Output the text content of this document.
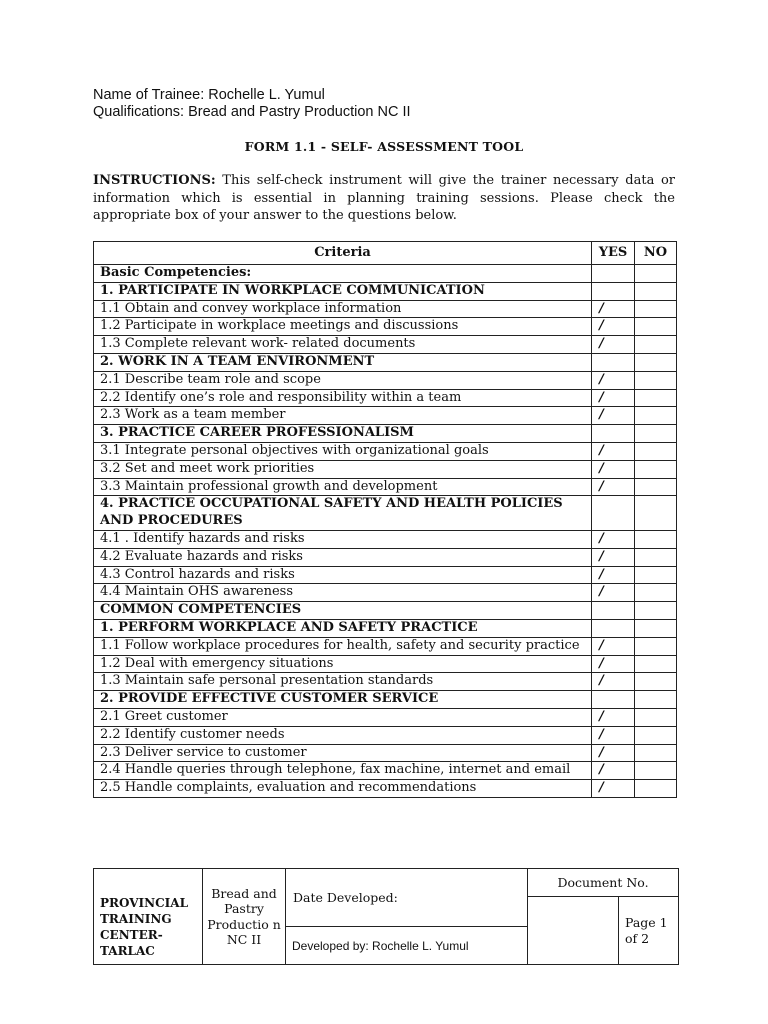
Name of Trainee: Rochelle L. Yumul
Qualifications: Bread and Pastry Production NC II
FORM 1.1 - SELF- ASSESSMENT TOOL
INSTRUCTIONS: This self-check instrument will give the trainer necessary data or information which is essential in planning training sessions. Please check the appropriate box of your answer to the questions below.
Criteria	YES	NO
Basic Competencies:		
1. PARTICIPATE IN WORKPLACE COMMUNICATION		
1.1 Obtain and convey workplace information	/	
1.2 Participate in workplace meetings and discussions	/	
1.3 Complete relevant work- related documents	/	
2. WORK IN A TEAM ENVIRONMENT		
2.1 Describe team role and scope	/	
2.2 Identify one’s role and responsibility within a team	/	
2.3 Work as a team member	/	
3. PRACTICE CAREER PROFESSIONALISM		
3.1 Integrate personal objectives with organizational goals	/	
3.2 Set and meet work priorities	/	
3.3 Maintain professional growth and development	/	
4. PRACTICE OCCUPATIONAL SAFETY AND HEALTH POLICIES AND PROCEDURES		
4.1 . Identify hazards and risks	/	
4.2 Evaluate hazards and risks	/	
4.3 Control hazards and risks	/	
4.4 Maintain OHS awareness	/	
COMMON COMPETENCIES		
1. PERFORM WORKPLACE AND SAFETY PRACTICE		
1.1 Follow workplace procedures for health, safety and security practice	/	
1.2 Deal with emergency situations	/	
1.3 Maintain safe personal presentation standards	/	
2. PROVIDE EFFECTIVE CUSTOMER SERVICE		
2.1 Greet customer	/	
2.2 Identify customer needs	/	
2.3 Deliver service to customer	/	
2.4 Handle queries through telephone, fax machine, internet and email	/	
2.5 Handle complaints, evaluation and recommendations	/	
PROVINCIAL TRAINING CENTER- TARLAC	Bread and Pastry Productio n NC II	Date Developed:	Document No.	
				Page 1 of 2
		Developed by: Rochelle L. Yumul		
